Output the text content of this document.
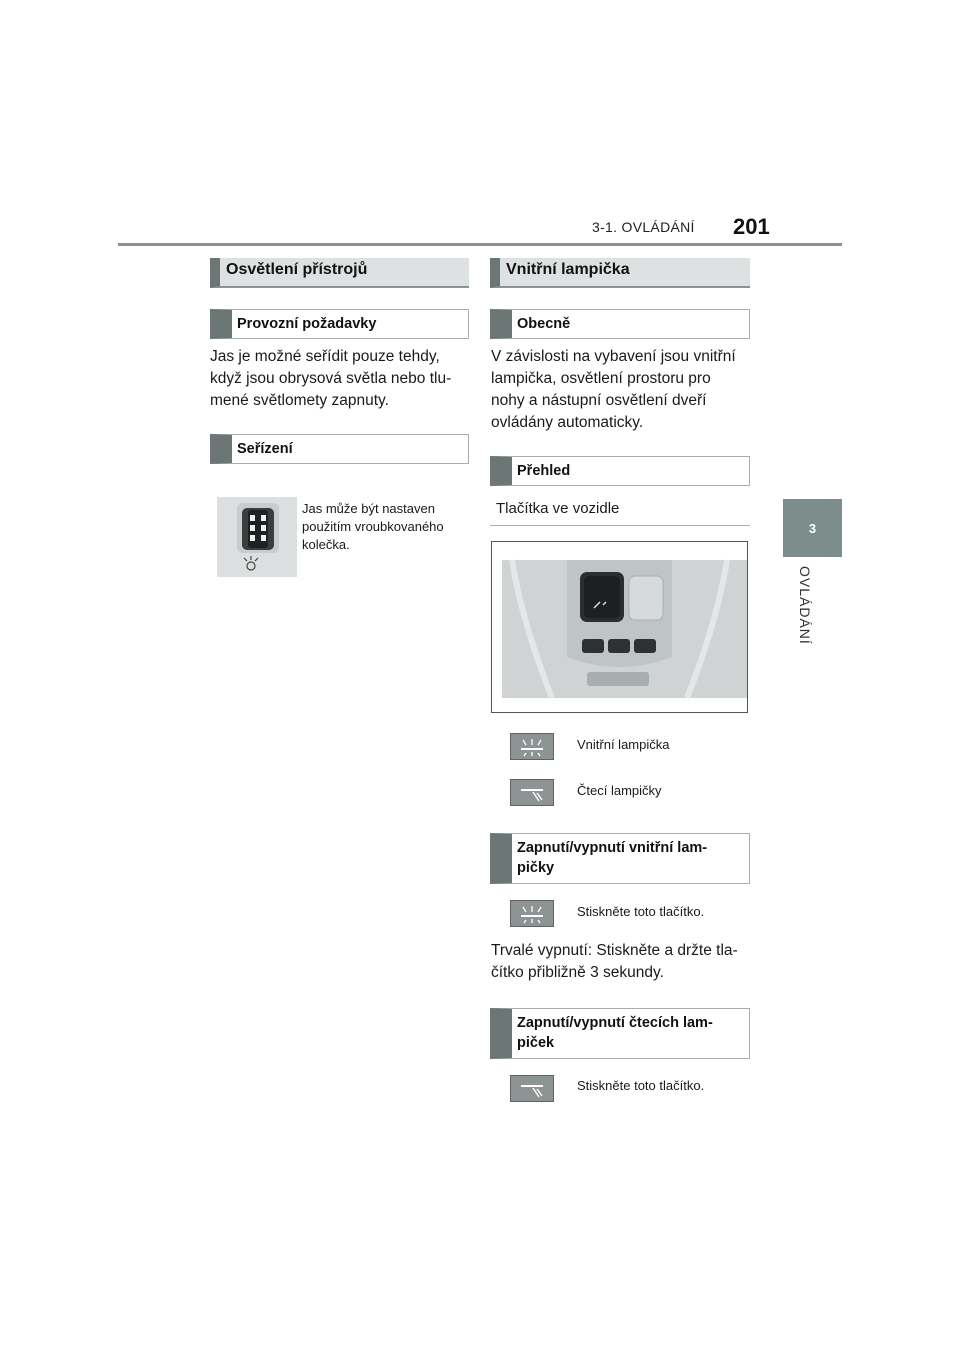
3-1. OVLÁDÁNÍ 201
3
OVLÁDÁNÍ
Osvětlení přístrojů
Provozní požadavky
Jas je možné seřídit pouze tehdy,
když jsou obrysová světla nebo tlu-
mené světlomety zapnuty.
Seřízení
Jas může být nastaven
použitím vroubkovaného
kolečka.
Vnitřní lampička
Obecně
V závislosti na vybavení jsou vnitřní
lampička, osvětlení prostoru pro
nohy a nástupní osvětlení dveří
ovládány automaticky.
Přehled
Tlačítka ve vozidle
Vnitřní lampička
Čtecí lampičky
Zapnutí/vypnutí vnitřní lam-
pičky
Stiskněte toto tlačítko.
Trvalé vypnutí: Stiskněte a držte tla-
čítko přibližně 3 sekundy.
Zapnutí/vypnutí čtecích lam-
piček
Stiskněte toto tlačítko.
